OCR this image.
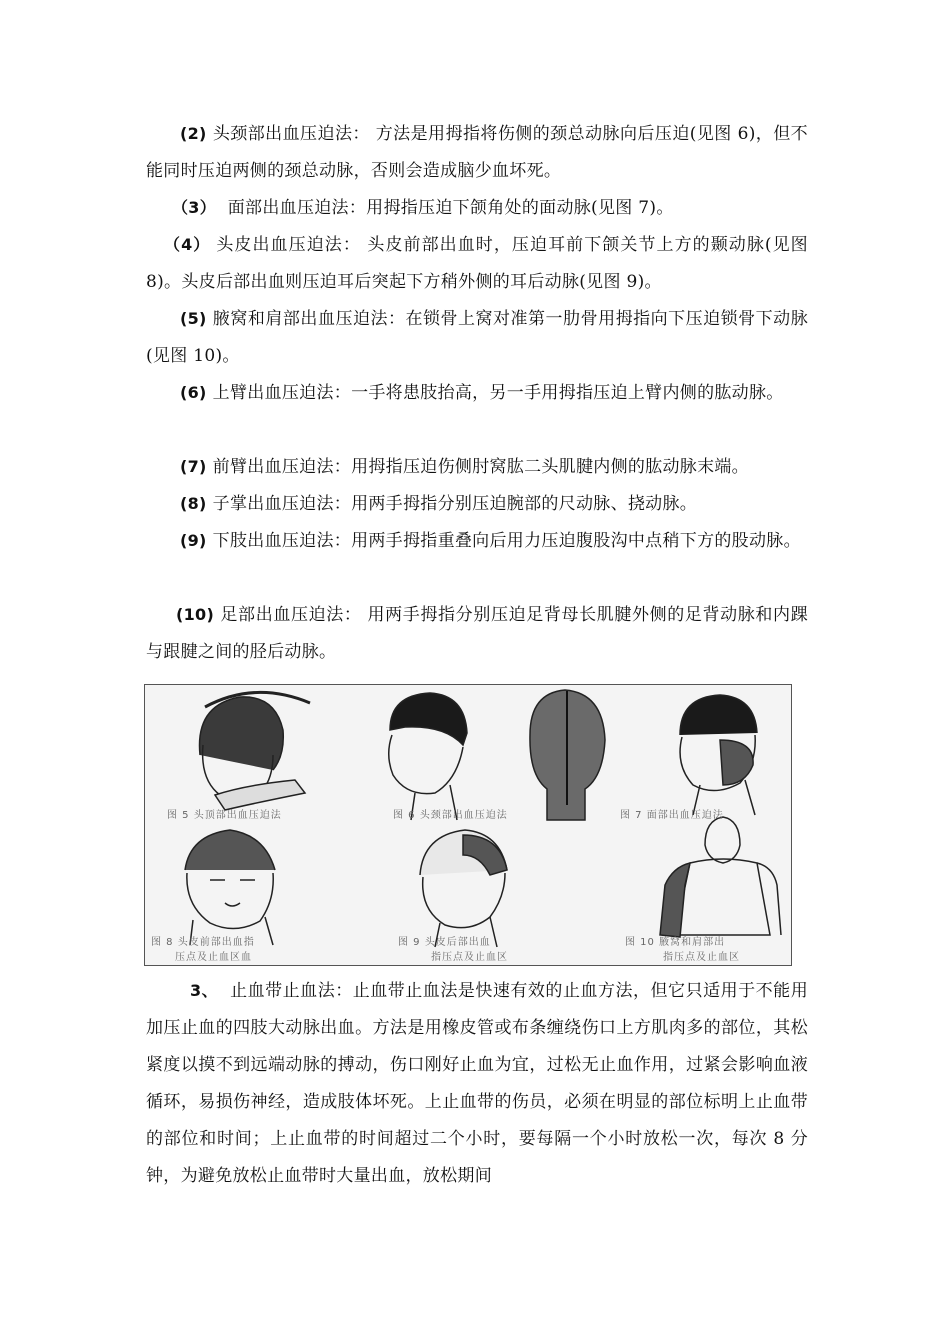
(2) 头颈部出血压迫法： 方法是用拇指将伤侧的颈总动脉向后压迫(见图 6)，但不能同时压迫两侧的颈总动脉，否则会造成脑少血坏死。

（3） 面部出血压迫法：用拇指压迫下颌角处的面动脉(见图 7)。

（4） 头皮出血压迫法： 头皮前部出血时，压迫耳前下颌关节上方的颞动脉(见图 8)。头皮后部出血则压迫耳后突起下方稍外侧的耳后动脉(见图 9)。

(5) 腋窝和肩部出血压迫法：在锁骨上窝对准第一肋骨用拇指向下压迫锁骨下动脉(见图 10)。

(6) 上臂出血压迫法：一手将患肢抬高，另一手用拇指压迫上臂内侧的肱动脉。

(7) 前臂出血压迫法：用拇指压迫伤侧肘窝肱二头肌腱内侧的肱动脉末端。

(8) 子掌出血压迫法：用两手拇指分别压迫腕部的尺动脉、挠动脉。

(9) 下肢出血压迫法：用两手拇指重叠向后用力压迫腹股沟中点稍下方的股动脉。

(10) 足部出血压迫法： 用两手拇指分别压迫足背母长肌腱外侧的足背动脉和内踝与跟腱之间的胫后动脉。

图 5 头顶部出血压迫法	图 6 头颈部出血压迫法	图 7 面部出血压迫法
图 8 头皮前部出血指
压点及止血区血
图 9 头皮后部出血
指压点及止血区
图 10 腋窝和肩部出
指压点及止血区

3、 止血带止血法：止血带止血法是快速有效的止血方法，但它只适用于不能用加压止血的四肢大动脉出血。方法是用橡皮管或布条缠绕伤口上方肌肉多的部位，其松紧度以摸不到远端动脉的搏动，伤口刚好止血为宜，过松无止血作用，过紧会影响血液循环，易损伤神经，造成肢体坏死。上止血带的伤员，必须在明显的部位标明上止血带的部位和时间；上止血带的时间超过二个小时，要每隔一个小时放松一次，每次 8 分钟，为避免放松止血带时大量出血，放松期间
